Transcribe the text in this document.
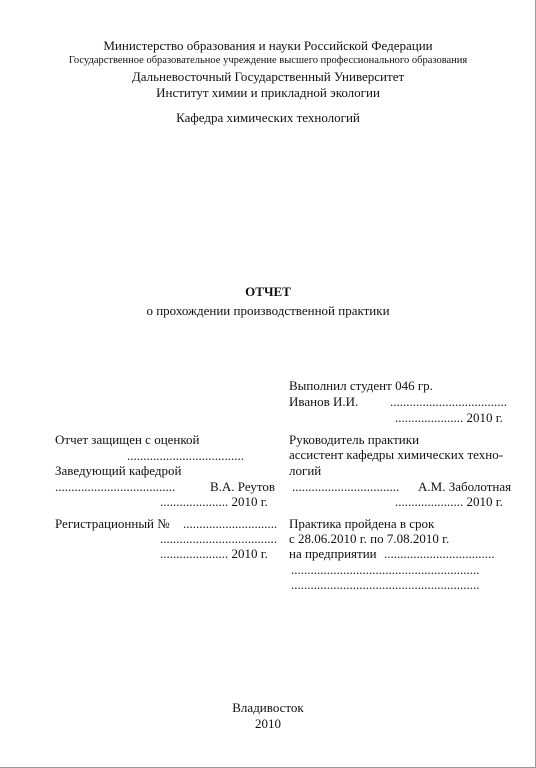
Министерство образования и науки Российской Федерации
Государственное образовательное учреждение высшего профессионального образования
Дальневосточный Государственный Университет
Институт химии и прикладной экологии
Кафедра химических технологий
ОТЧЕТ
о прохождении производственной практики
Выполнил студент 046 гр.
Иванов И.И. ....................................
..................... 2010 г.
Отчет защищен с оценкой
....................................
Заведующий кафедрой
.....................................	В.А. Реутов
..................... 2010 г.
Регистрационный № .............................
....................................
..................... 2010 г.
Руководитель практики
ассистент кафедры химических техно-
логий
................................. А.М. Заболотная
..................... 2010 г.
Практика пройдена в срок
с 28.06.2010 г. по 7.08.2010 г.
на предприятии ..................................
..........................................................
..........................................................
Владивосток
2010
